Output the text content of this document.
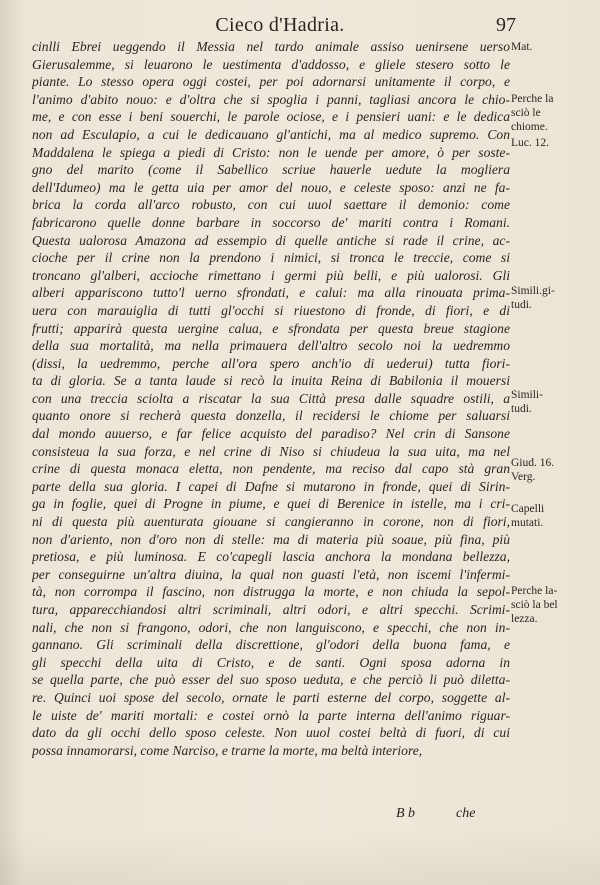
Cieco d'Hadria.	97
cinlli Ebrei ueggendo il Messia nel tardo animale assiso uenirsene uerso
Gierusalemme, si leuarono le uestimenta d'addosso, e gliele stesero sotto le
piante. Lo stesso opera oggi costei, per poi adornarsi unitamente il corpo, e
l'animo d'abito nouo: e d'oltra che si spoglia i panni, tagliasi ancora le chio-
me, e con esse i beni souerchi, le parole ociose, e i pensieri uani: e le dedica
non ad Esculapio, a cui le dedicauano gl'antichi, ma al medico supremo. Con
Maddalena le spiega a piedi di Cristo: non le uende per amore, ò per soste-
gno del marito (come il Sabellico scriue hauerle uedute la mogliera
dell'Idumeo) ma le getta uia per amor del nouo, e celeste sposo: anzi ne fa-
brica la corda all'arco robusto, con cui uuol saettare il demonio: come
fabricarono quelle donne barbare in soccorso de' mariti contra i Romani.
Questa ualorosa Amazona ad essempio di quelle antiche si rade il crine, ac-
cioche per il crine non la prendono i nimici, si tronca le treccie, come si
troncano gl'alberi, accioche rimettano i germi più belli, e più ualorosi. Gli
alberi appariscono tutto'l uerno sfrondati, e calui: ma alla rinouata prima-
uera con marauiglia di tutti gl'occhi si riuestono di fronde, di fiori, e di
frutti; apparirà questa uergine calua, e sfrondata per questa breue stagione
della sua mortalità, ma nella primauera dell'altro secolo noi la uedremmo
(dissi, la uedremmo, perche all'ora spero anch'io di uederui) tutta fiori-
ta di gloria. Se a tanta laude si recò la inuita Reina di Babilonia il mouersi
con una treccia sciolta a riscatar la sua Città presa dalle squadre ostili, a
quanto onore si recherà questa donzella, il recidersi le chiome per saluarsi
dal mondo auuerso, e far felice acquisto del paradiso? Nel crin di Sansone
consisteua la sua forza, e nel crine di Niso si chiudeua la sua uita, ma nel
crine di questa monaca eletta, non pendente, ma reciso dal capo stà gran
parte della sua gloria. I capei di Dafne si mutarono in fronde, quei di Sirin-
ga in foglie, quei di Progne in piume, e quei di Berenice in istelle, ma i cri-
ni di questa più auenturata giouane si cangieranno in corone, non di fiori,
non d'ariento, non d'oro non di stelle: ma di materia più soaue, più fina, più
pretiosa, e più luminosa. E co'capegli lascia anchora la mondana bellezza,
per conseguirne un'altra diuina, la qual non guasti l'età, non iscemi l'infermi-
tà, non corrompa il fascino, non distrugga la morte, e non chiuda la sepol-
tura, apparecchiandosi altri scriminali, altri odori, e altri specchi. Scrimi-
nali, che non si frangono, odori, che non languiscono, e specchi, che non in-
gannano. Gli scriminali della discrettione, gl'odori della buona fama, e
gli specchi della uita di Cristo, e de santi. Ogni sposa adorna in
se quella parte, che può esser del suo sposo ueduta, e che perciò li può diletta-
re. Quinci uoi spose del secolo, ornate le parti esterne del corpo, soggette al-
le uiste de' mariti mortali: e costei ornò la parte interna dell'animo riguar-
dato da gli occhi dello sposo celeste. Non uuol costei beltà di fuori, di cui
possa innamorarsi, come Narciso, e trarne la morte, ma beltà interiore,
Mat.
Perche la
sciò le
chiome.
Luc. 12.
Simili.gi-
tudi.
Simili-
tudi.
Giud. 16.
Verg.
Capelli
mutati.
Perche la-
sciò la bel
lezza.
B b	che
